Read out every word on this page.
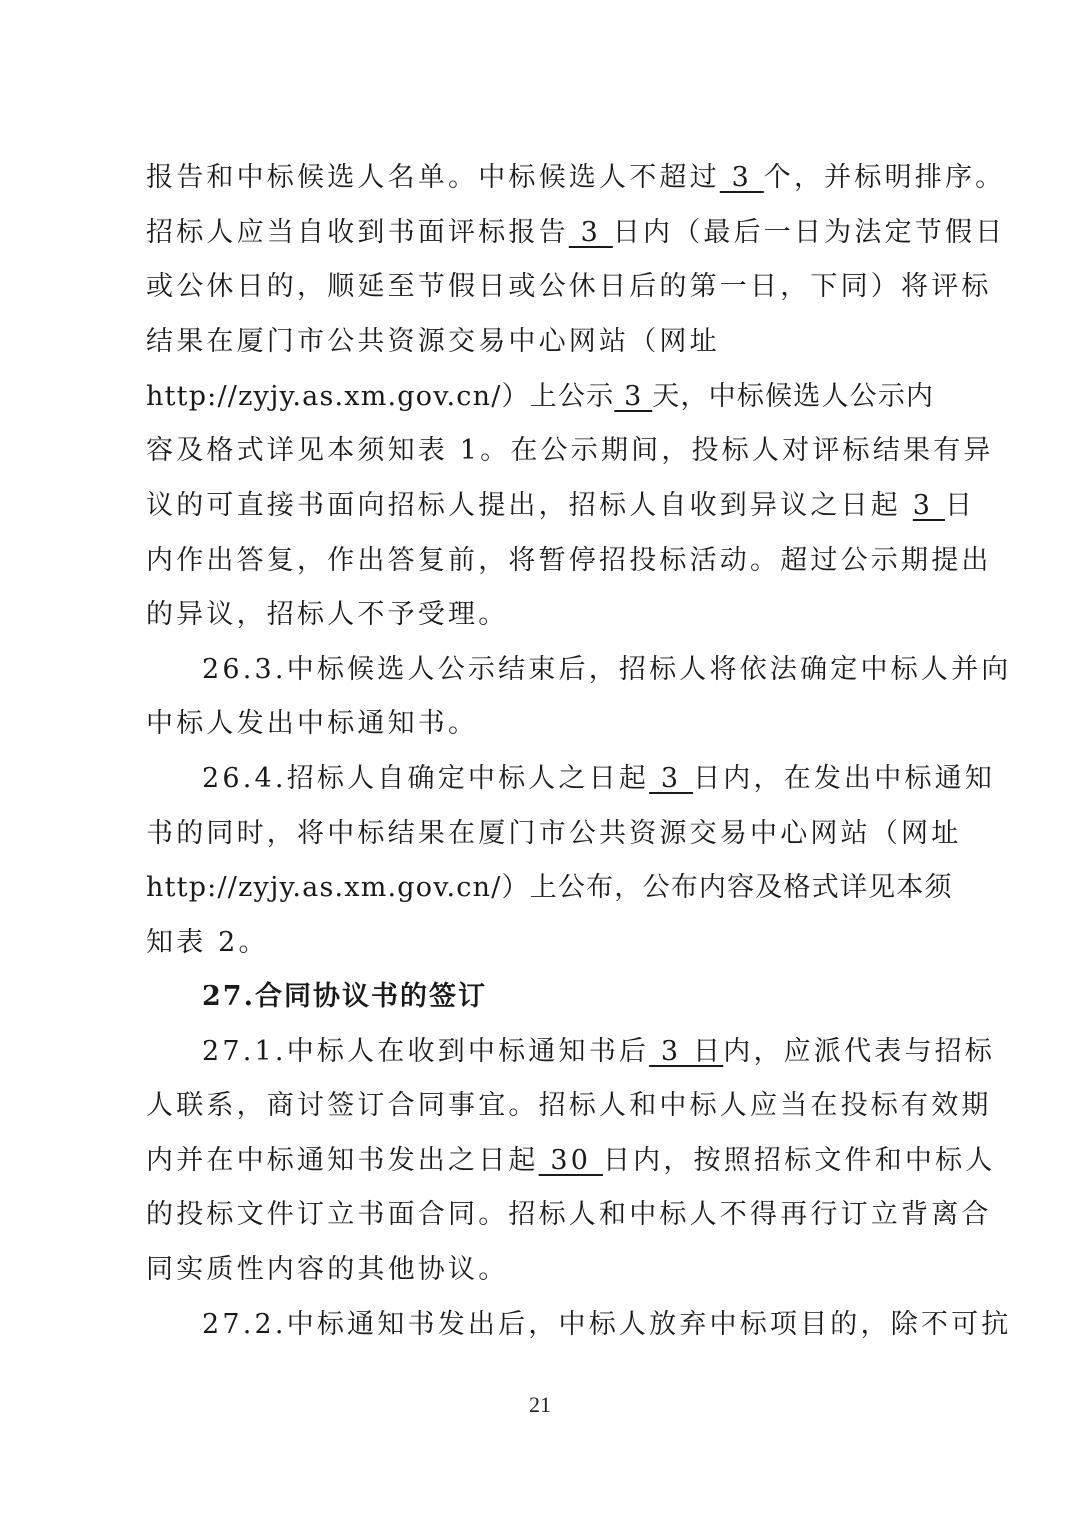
报告和中标候选人名单。中标候选人不超过 3 个，并标明排序。
招标人应当自收到书面评标报告 3 日内（最后一日为法定节假日
或公休日的，顺延至节假日或公休日后的第一日，下同）将评标
结果在厦门市公共资源交易中心网站（网址
http://zyjy.as.xm.gov.cn/）上公示 3 天，中标候选人公示内
容及格式详见本须知表 1。在公示期间，投标人对评标结果有异
议的可直接书面向招标人提出，招标人自收到异议之日起 3 日
内作出答复，作出答复前，将暂停招投标活动。超过公示期提出
的异议，招标人不予受理。
26.3.中标候选人公示结束后，招标人将依法确定中标人并向
中标人发出中标通知书。
26.4.招标人自确定中标人之日起 3 日内，在发出中标通知
书的同时，将中标结果在厦门市公共资源交易中心网站（网址
http://zyjy.as.xm.gov.cn/）上公布，公布内容及格式详见本须
知表 2。
27.合同协议书的签订
27.1.中标人在收到中标通知书后 3 日内，应派代表与招标
人联系，商讨签订合同事宜。招标人和中标人应当在投标有效期
内并在中标通知书发出之日起 30 日内，按照招标文件和中标人
的投标文件订立书面合同。招标人和中标人不得再行订立背离合
同实质性内容的其他协议。
27.2.中标通知书发出后，中标人放弃中标项目的，除不可抗
21
